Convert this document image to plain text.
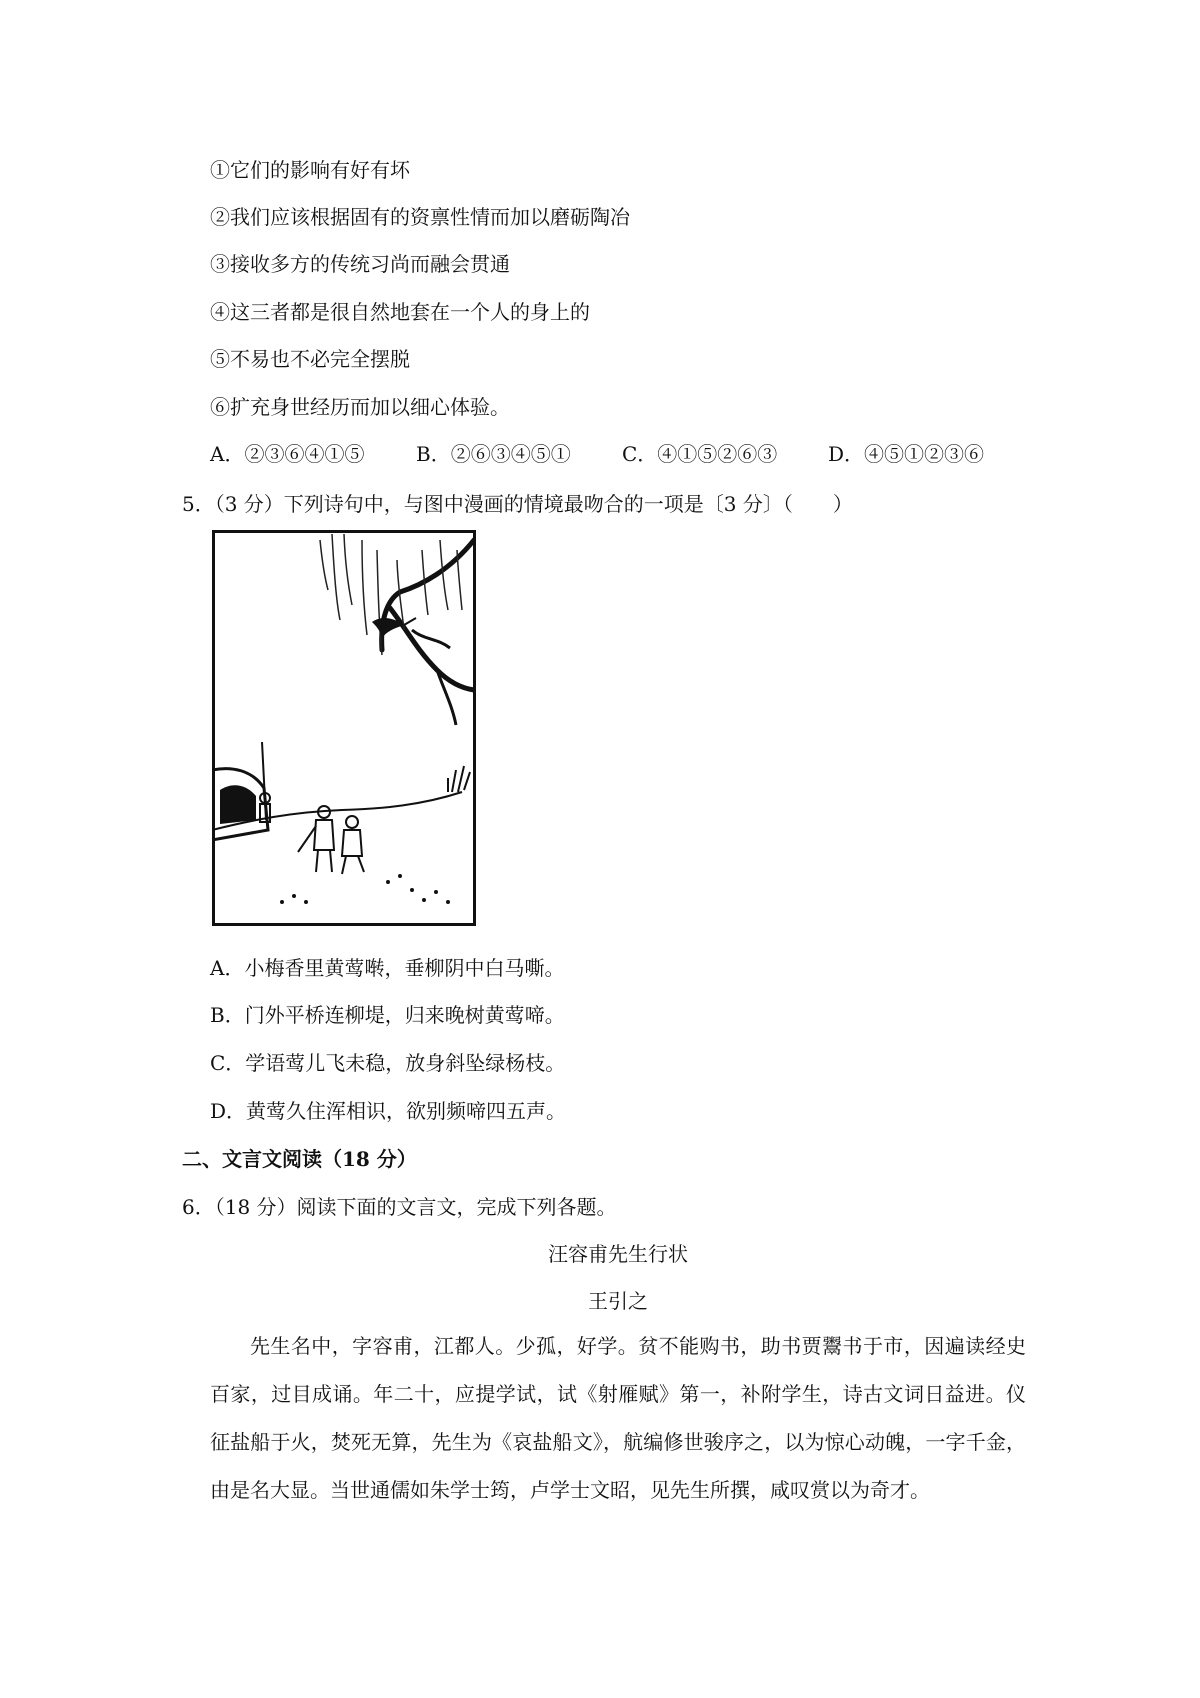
①它们的影响有好有坏
②我们应该根据固有的资禀性情而加以磨砺陶冶
③接收多方的传统习尚而融会贯通
④这三者都是很自然地套在一个人的身上的
⑤不易也不必完全摆脱
⑥扩充身世经历而加以细心体验。
A．②③⑥④①⑤	B．②⑥③④⑤①	C．④①⑤②⑥③	D．④⑤①②③⑥
5．（3 分）下列诗句中，与图中漫画的情境最吻合的一项是〔3 分〕（　　）
A．小梅香里黄莺啭，垂柳阴中白马嘶。
B．门外平桥连柳堤，归来晚树黄莺啼。
C．学语莺儿飞未稳，放身斜坠绿杨枝。
D．黄莺久住浑相识，欲别频啼四五声。
二、文言文阅读（18 分）
6．（18 分）阅读下面的文言文，完成下列各题。
汪容甫先生行状
王引之
先生名中，字容甫，江都人。少孤，好学。贫不能购书，助书贾鬻书于市，因遍读经史百家，过目成诵。年二十，应提学试，试《射雁赋》第一，补附学生，诗古文词日益进。仪征盐船于火，焚死无算，先生为《哀盐船文》，航编修世骏序之，以为惊心动魄，一字千金，由是名大显。当世通儒如朱学士筠，卢学士文昭，见先生所撰，咸叹赏以为奇才。
